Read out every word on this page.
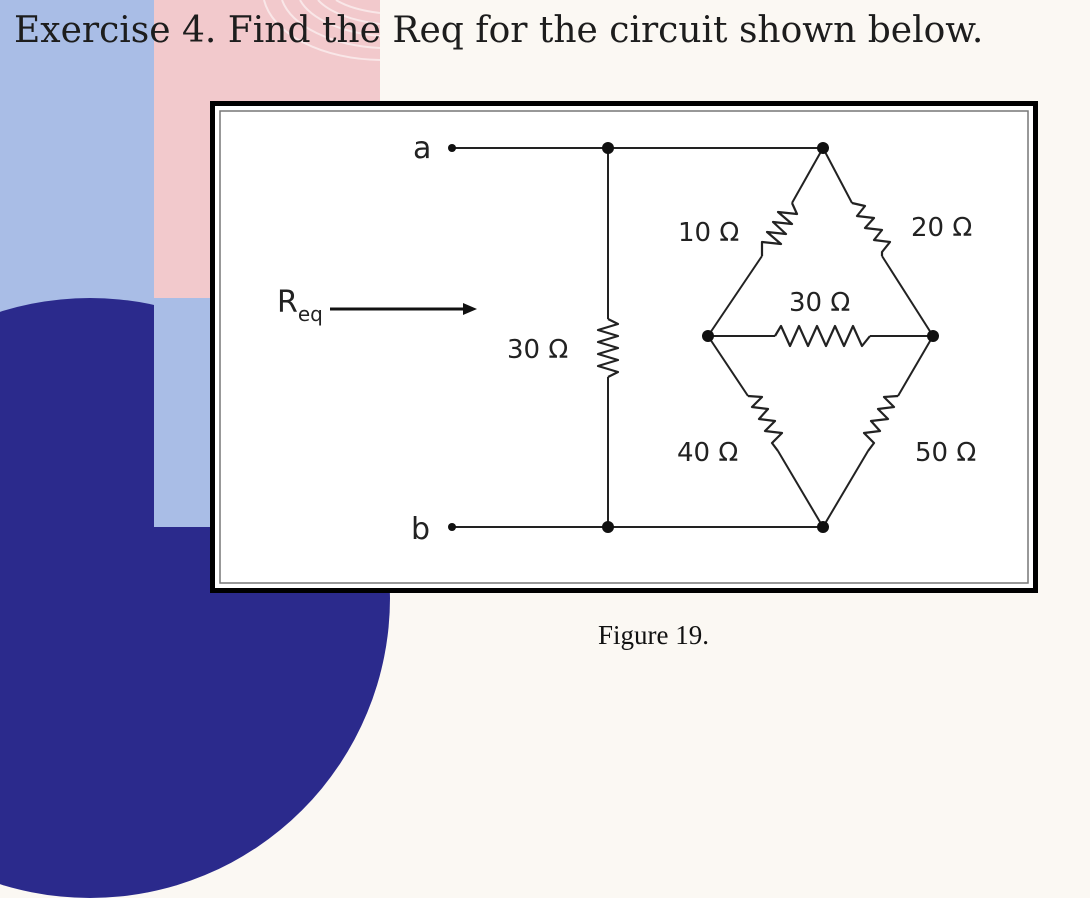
Exercise 4. Find the Req for the circuit shown below.
a
b
$R_{eq}$
30 Ω
10 Ω	20 Ω
30 Ω
40 Ω	50 Ω
Figure 19.
